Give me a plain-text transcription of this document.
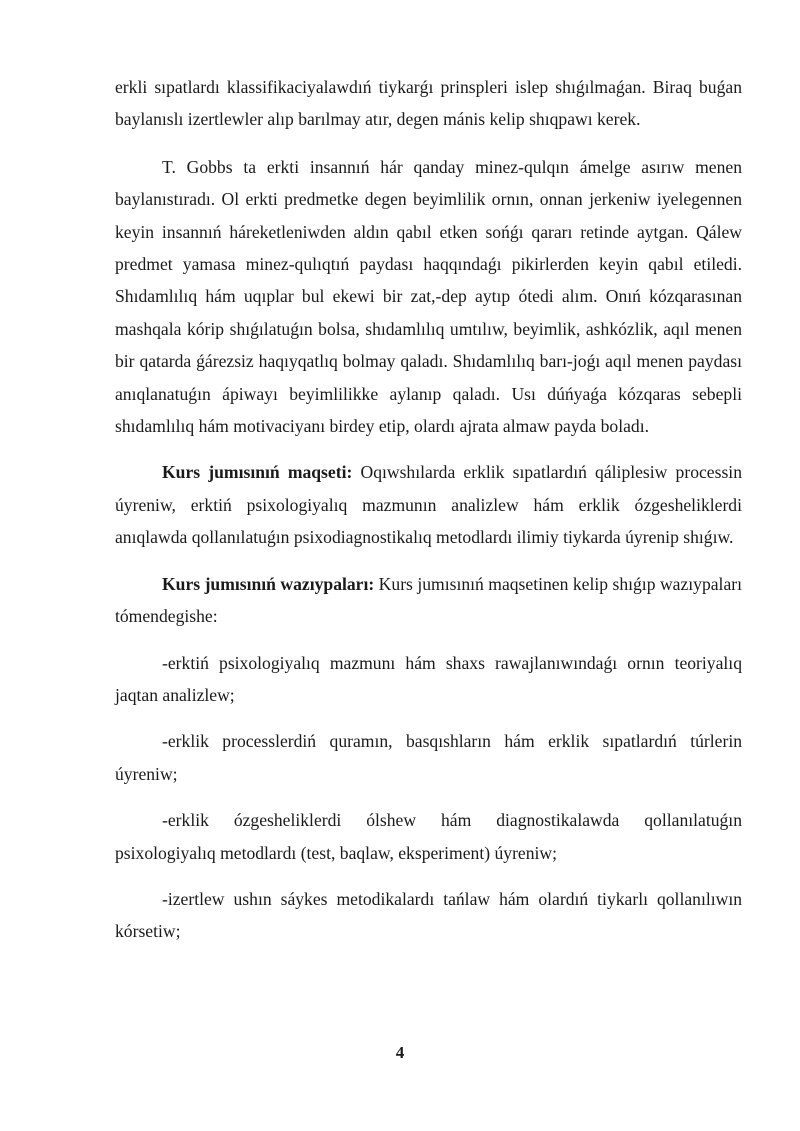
erkli sıpatlardı klassifikaciyalawdıń tiykarǵı prinspleri islep shıǵılmaǵan. Biraq buǵan baylanıslı izertlewler alıp barılmay atır, degen mánis kelip shıqpawı kerek.

T. Gobbs ta erkti insannıń hár qanday minez-qulqın ámelge asırıw menen baylanıstıradı. Ol erkti predmetke degen beyimlilik ornın, onnan jerkeniw iyelegennen keyin insannıń háreketleniwden aldın qabıl etken sońǵı qararı retinde aytgan. Qálew predmet yamasa minez-qulıqtıń paydası haqqındaǵı pikirlerden keyin qabıl etiledi. Shıdamlılıq hám uqıplar bul ekewi bir zat,-dep aytıp ótedi alım. Onıń kózqarasınan mashqala kórip shıǵılatuǵın bolsa, shıdamlılıq umtılıw, beyimlik, ashkózlik, aqıl menen bir qatarda ǵárezsiz haqıyqatlıq bolmay qaladı. Shıdamlılıq barı-joǵı aqıl menen paydası anıqlanatuǵın ápiwayı beyimlilikke aylanıp qaladı. Usı dúńyaǵa kózqaras sebepli shıdamlılıq hám motivaciyanı birdey etip, olardı ajrata almaw payda boladı.

Kurs jumısınıń maqseti: Oqıwshılarda erklik sıpatlardıń qáliplesiw processin úyreniw, erktiń psixologiyalıq mazmunın analizlew hám erklik ózgesheliklerdi anıqlawda qollanılatuǵın psixodiagnostikalıq metodlardı ilimiy tiykarda úyrenip shıǵıw.

Kurs jumısınıń wazıypaları: Kurs jumısınıń maqsetinen kelip shıǵıp wazıypaları tómendegishe:

-erktiń psixologiyalıq mazmunı hám shaxs rawajlanıwındaǵı ornın teoriyalıq jaqtan analizlew;

-erklik processlerdiń quramın, basqıshların hám erklik sıpatlardıń túrlerin úyreniw;

-erklik ózgesheliklerdi ólshew hám diagnostikalawda qollanılatuǵın psixologiyalıq metodlardı (test, baqlaw, eksperiment) úyreniw;

-izertlew ushın sáykes metodikalardı tańlaw hám olardıń tiykarlı qollanılıwın kórsetiw;

4
